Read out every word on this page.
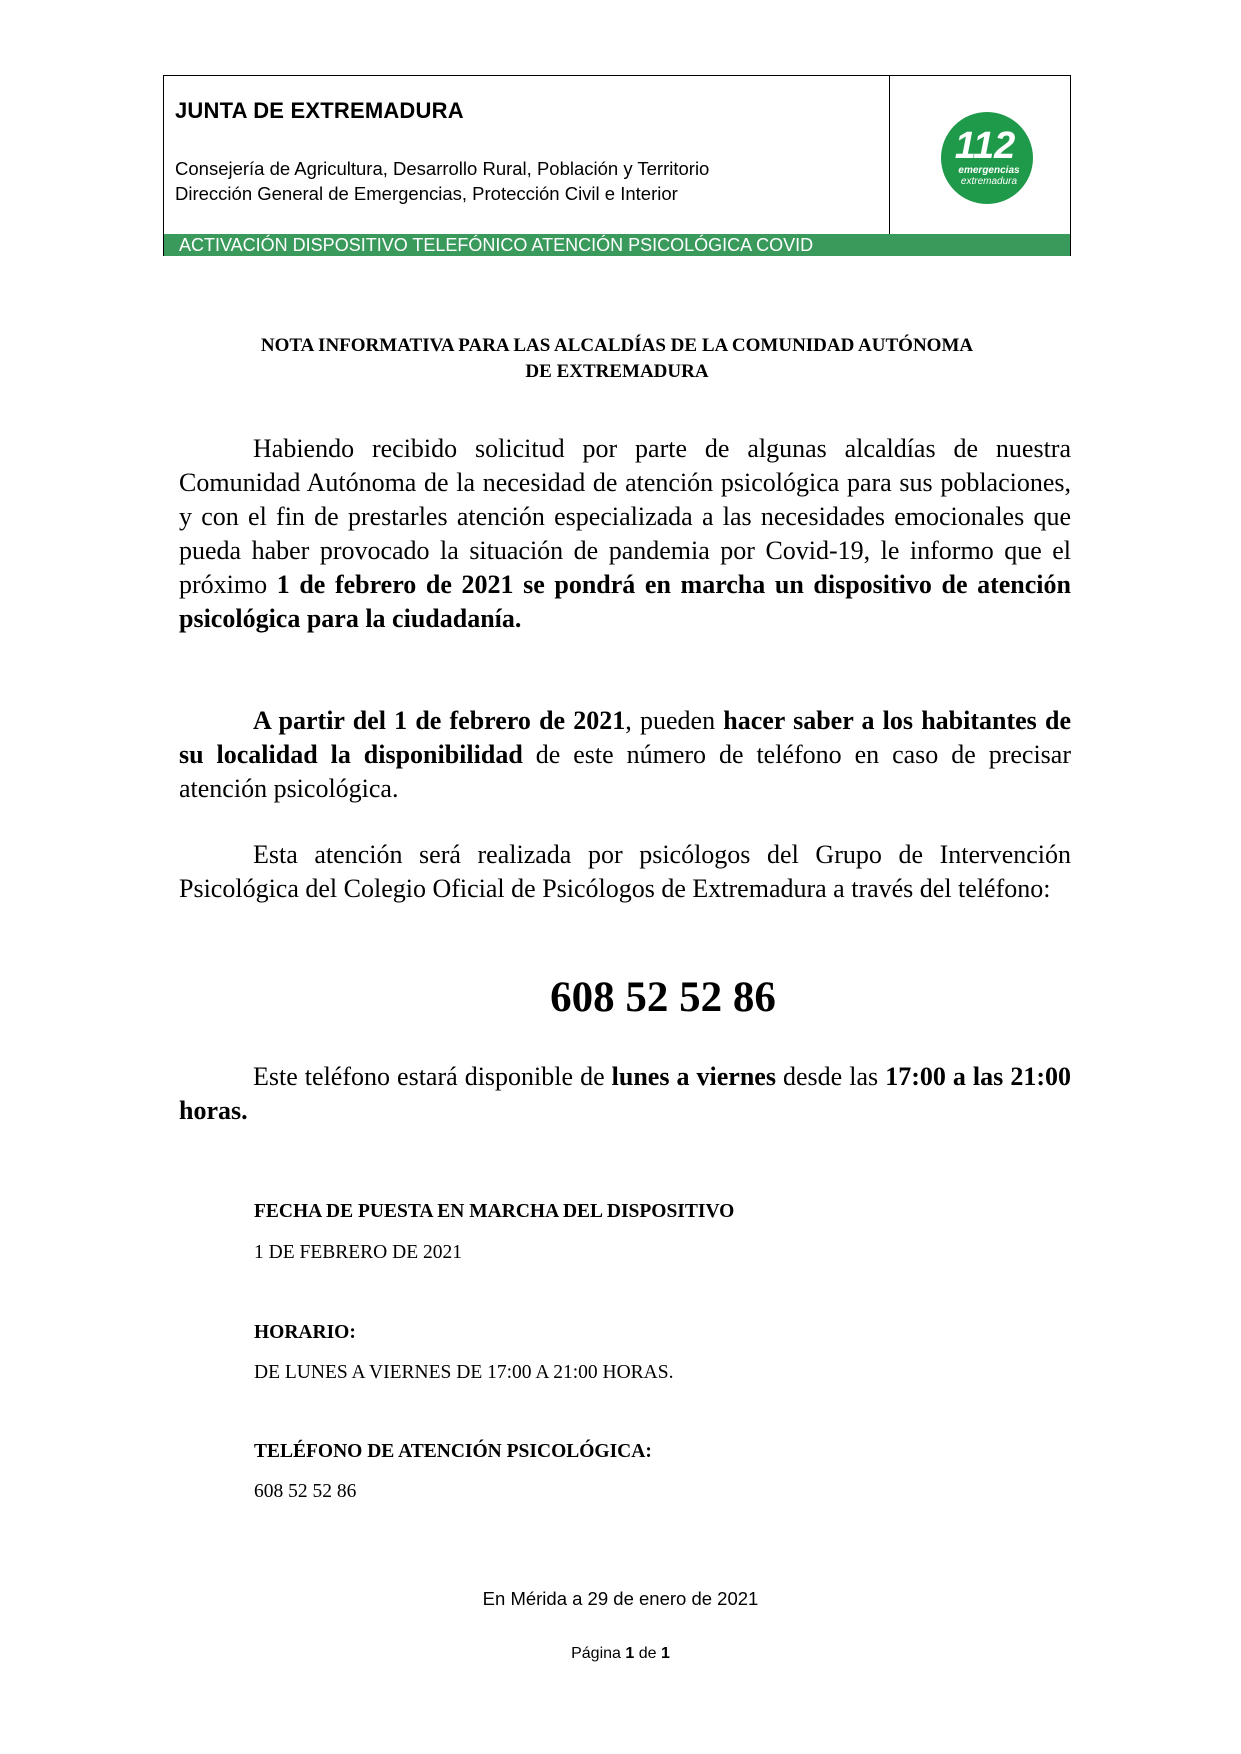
JUNTA DE EXTREMADURA
Consejería de Agricultura, Desarrollo Rural, Población y Territorio
Dirección General de Emergencias, Protección Civil e Interior
112
emergencias
extremadura
ACTIVACIÓN DISPOSITIVO TELEFÓNICO ATENCIÓN PSICOLÓGICA COVID
NOTA INFORMATIVA PARA LAS ALCALDÍAS DE LA COMUNIDAD AUTÓNOMA
DE EXTREMADURA
Habiendo recibido solicitud por parte de algunas alcaldías de nuestra Comunidad Autónoma de la necesidad de atención psicológica para sus poblaciones, y con el fin de prestarles atención especializada a las necesidades emocionales que pueda haber provocado la situación de pandemia por Covid-19, le informo que el próximo 1 de febrero de 2021 se pondrá en marcha un dispositivo de atención psicológica para la ciudadanía.
A partir del 1 de febrero de 2021, pueden hacer saber a los habitantes de su localidad la disponibilidad de este número de teléfono en caso de precisar atención psicológica.
Esta atención será realizada por psicólogos del Grupo de Intervención Psicológica del Colegio Oficial de Psicólogos de Extremadura a través del teléfono:
608 52 52 86
Este teléfono estará disponible de lunes a viernes desde las 17:00 a las 21:00 horas.
FECHA DE PUESTA EN MARCHA DEL DISPOSITIVO
1 DE FEBRERO DE 2021
HORARIO:
DE LUNES A VIERNES DE 17:00 A 21:00 HORAS.
TELÉFONO DE ATENCIÓN PSICOLÓGICA:
608 52 52 86
En Mérida a 29 de enero de 2021
Página 1 de 1
